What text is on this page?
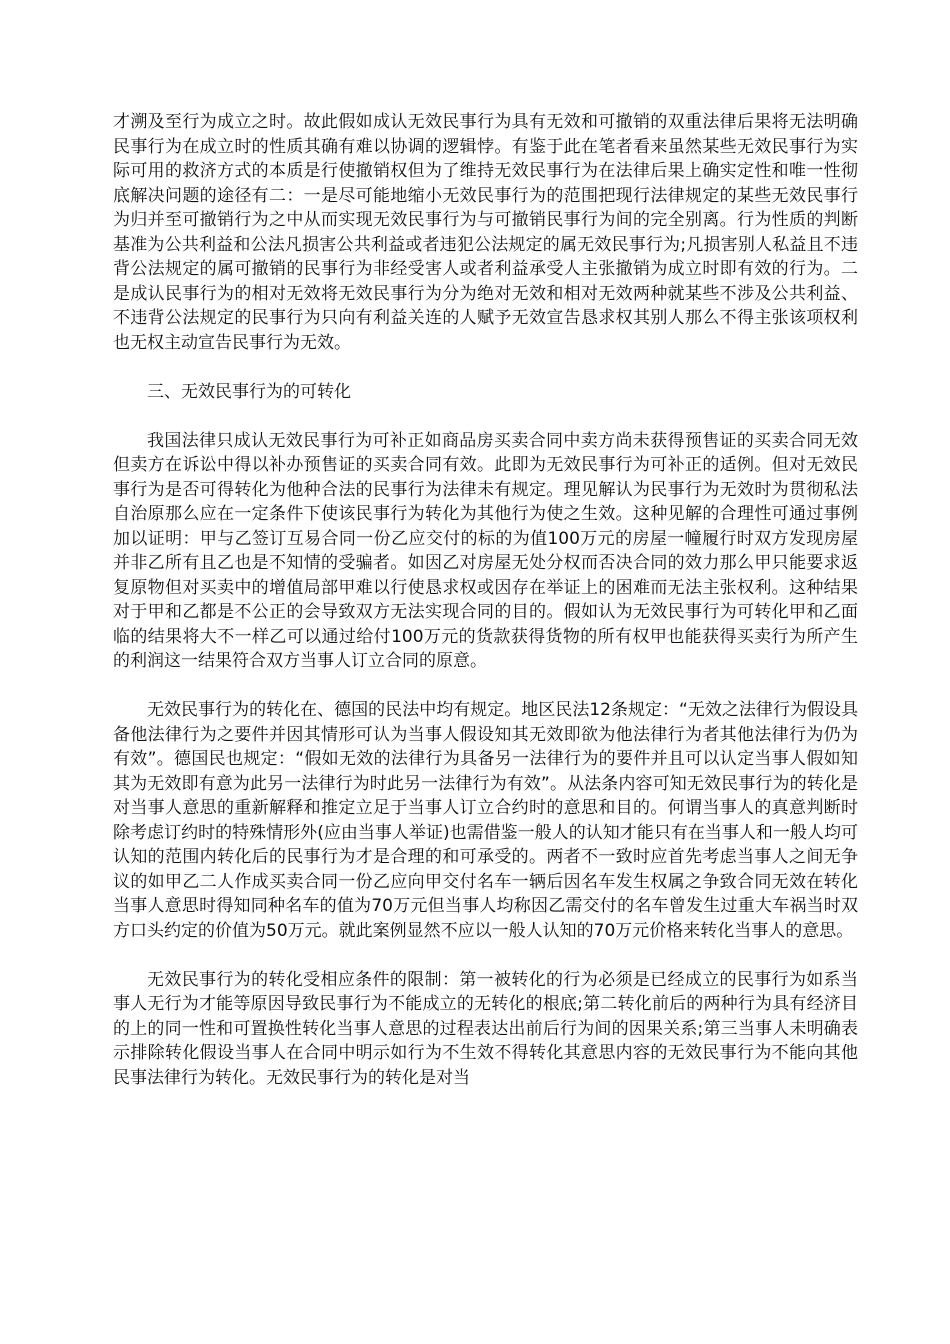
才溯及至行为成立之时。故此假如成认无效民事行为具有无效和可撤销的双重法律后果将无法明确民事行为在成立时的性质其确有难以协调的逻辑悖。有鉴于此在笔者看来虽然某些无效民事行为实际可用的救济方式的本质是行使撤销权但为了维持无效民事行为在法律后果上确实定性和唯一性彻底解决问题的途径有二：一是尽可能地缩小无效民事行为的范围把现行法律规定的某些无效民事行为归并至可撤销行为之中从而实现无效民事行为与可撤销民事行为间的完全别离。行为性质的判断基准为公共利益和公法凡损害公共利益或者违犯公法规定的属无效民事行为;凡损害别人私益且不违背公法规定的属可撤销的民事行为非经受害人或者利益承受人主张撤销为成立时即有效的行为。二是成认民事行为的相对无效将无效民事行为分为绝对无效和相对无效两种就某些不涉及公共利益、不违背公法规定的民事行为只向有利益关连的人赋予无效宣告恳求权其别人那么不得主张该项权利也无权主动宣告民事行为无效。

三、无效民事行为的可转化

我国法律只成认无效民事行为可补正如商品房买卖合同中卖方尚未获得预售证的买卖合同无效但卖方在诉讼中得以补办预售证的买卖合同有效。此即为无效民事行为可补正的适例。但对无效民事行为是否可得转化为他种合法的民事行为法律未有规定。理见解认为民事行为无效时为贯彻私法自治原那么应在一定条件下使该民事行为转化为其他行为使之生效。这种见解的合理性可通过事例加以证明：甲与乙签订互易合同一份乙应交付的标的为值100万元的房屋一幢履行时双方发现房屋并非乙所有且乙也是不知情的受骗者。如因乙对房屋无处分权而否决合同的效力那么甲只能要求返复原物但对买卖中的增值局部甲难以行使恳求权或因存在举证上的困难而无法主张权利。这种结果对于甲和乙都是不公正的会导致双方无法实现合同的目的。假如认为无效民事行为可转化甲和乙面临的结果将大不一样乙可以通过给付100万元的货款获得货物的所有权甲也能获得买卖行为所产生的利润这一结果符合双方当事人订立合同的原意。

无效民事行为的转化在、德国的民法中均有规定。地区民法12条规定：“无效之法律行为假设具备他法律行为之要件并因其情形可认为当事人假设知其无效即欲为他法律行为者其他法律行为仍为有效”。德国民也规定：“假如无效的法律行为具备另一法律行为的要件并且可以认定当事人假如知其为无效即有意为此另一法律行为时此另一法律行为有效”。从法条内容可知无效民事行为的转化是对当事人意思的重新解释和推定立足于当事人订立合约时的意思和目的。何谓当事人的真意判断时除考虑订约时的特殊情形外(应由当事人举证)也需借鉴一般人的认知才能只有在当事人和一般人均可认知的范围内转化后的民事行为才是合理的和可承受的。两者不一致时应首先考虑当事人之间无争议的如甲乙二人作成买卖合同一份乙应向甲交付名车一辆后因名车发生权属之争致合同无效在转化当事人意思时得知同种名车的值为70万元但当事人均称因乙需交付的名车曾发生过重大车祸当时双方口头约定的价值为50万元。就此案例显然不应以一般人认知的70万元价格来转化当事人的意思。

无效民事行为的转化受相应条件的限制：第一被转化的行为必须是已经成立的民事行为如系当事人无行为才能等原因导致民事行为不能成立的无转化的根底;第二转化前后的两种行为具有经济目的上的同一性和可置换性转化当事人意思的过程表达出前后行为间的因果关系;第三当事人未明确表示排除转化假设当事人在合同中明示如行为不生效不得转化其意思内容的无效民事行为不能向其他民事法律行为转化。无效民事行为的转化是对当
